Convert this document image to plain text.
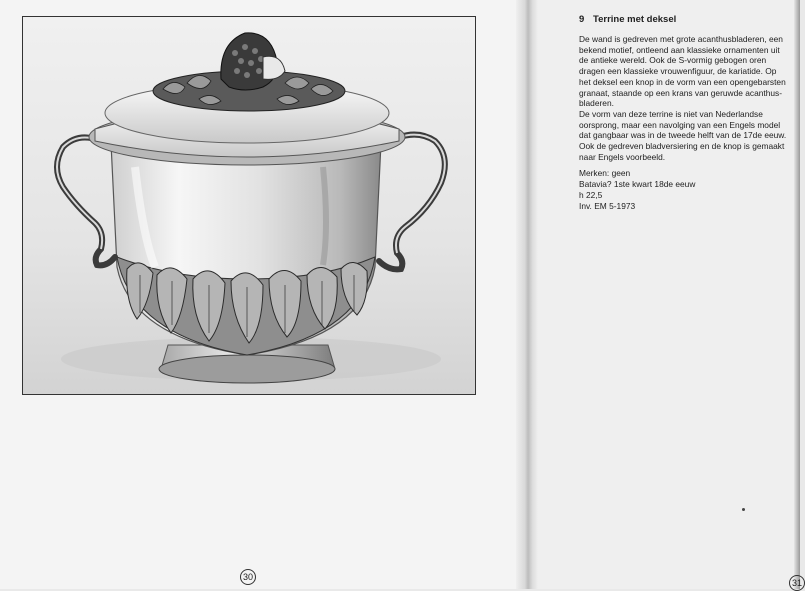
30

9 Terrine met deksel

De wand is gedreven met grote acanthusbladeren, een
bekend motief, ontleend aan klassieke ornamenten uit
de antieke wereld. Ook de S-vormig gebogen oren
dragen een klassieke vrouwenfiguur, de kariatide. Op
het deksel een knop in de vorm van een opengebarsten
granaat, staande op een krans van geruwde acanthus-
bladeren.

De vorm van deze terrine is niet van Nederlandse
oorsprong, maar een navolging van een Engels model
dat gangbaar was in de tweede helft van de 17de eeuw.
Ook de gedreven bladversiering en de knop is gemaakt
naar Engels voorbeeld.

Merken: geen
Batavia? 1ste kwart 18de eeuw
h 22,5
Inv. EM 5-1973

31
